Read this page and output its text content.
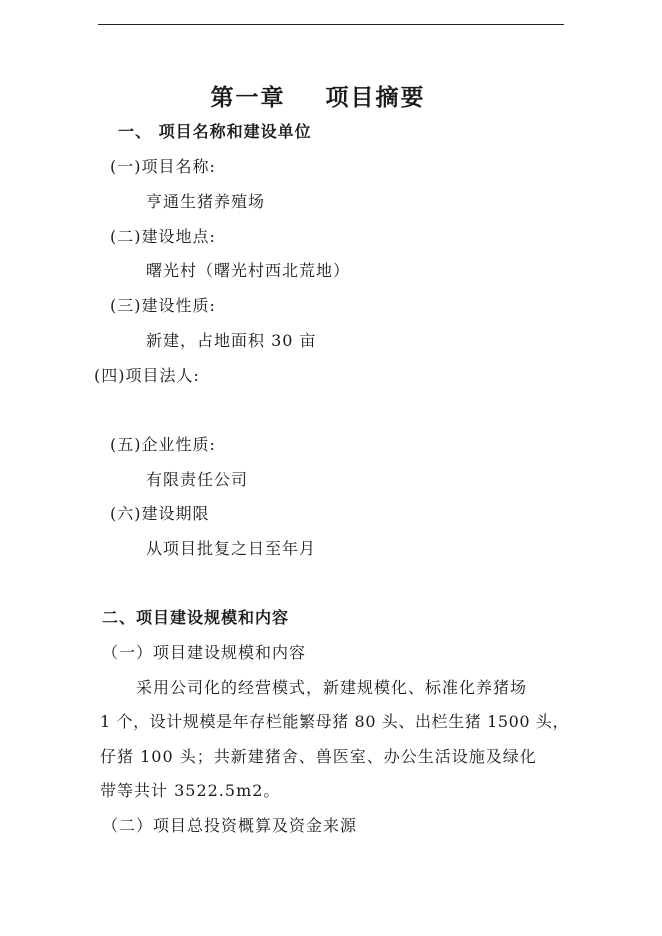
第一章    项目摘要
一、 项目名称和建设单位
(一)项目名称:
亨通生猪养殖场
(二)建设地点:
曙光村（曙光村西北荒地）
(三)建设性质:
新建，占地面积 30 亩
(四)项目法人:
(五)企业性质:
有限责任公司
(六)建设期限
从项目批复之日至年月
二、项目建设规模和内容
（一）项目建设规模和内容
采用公司化的经营模式，新建规模化、标准化养猪场
1 个，设计规模是年存栏能繁母猪 80 头、出栏生猪 1500 头，
仔猪 100 头；共新建猪舍、兽医室、办公生活设施及绿化
带等共计 3522.5m2。
（二）项目总投资概算及资金来源
